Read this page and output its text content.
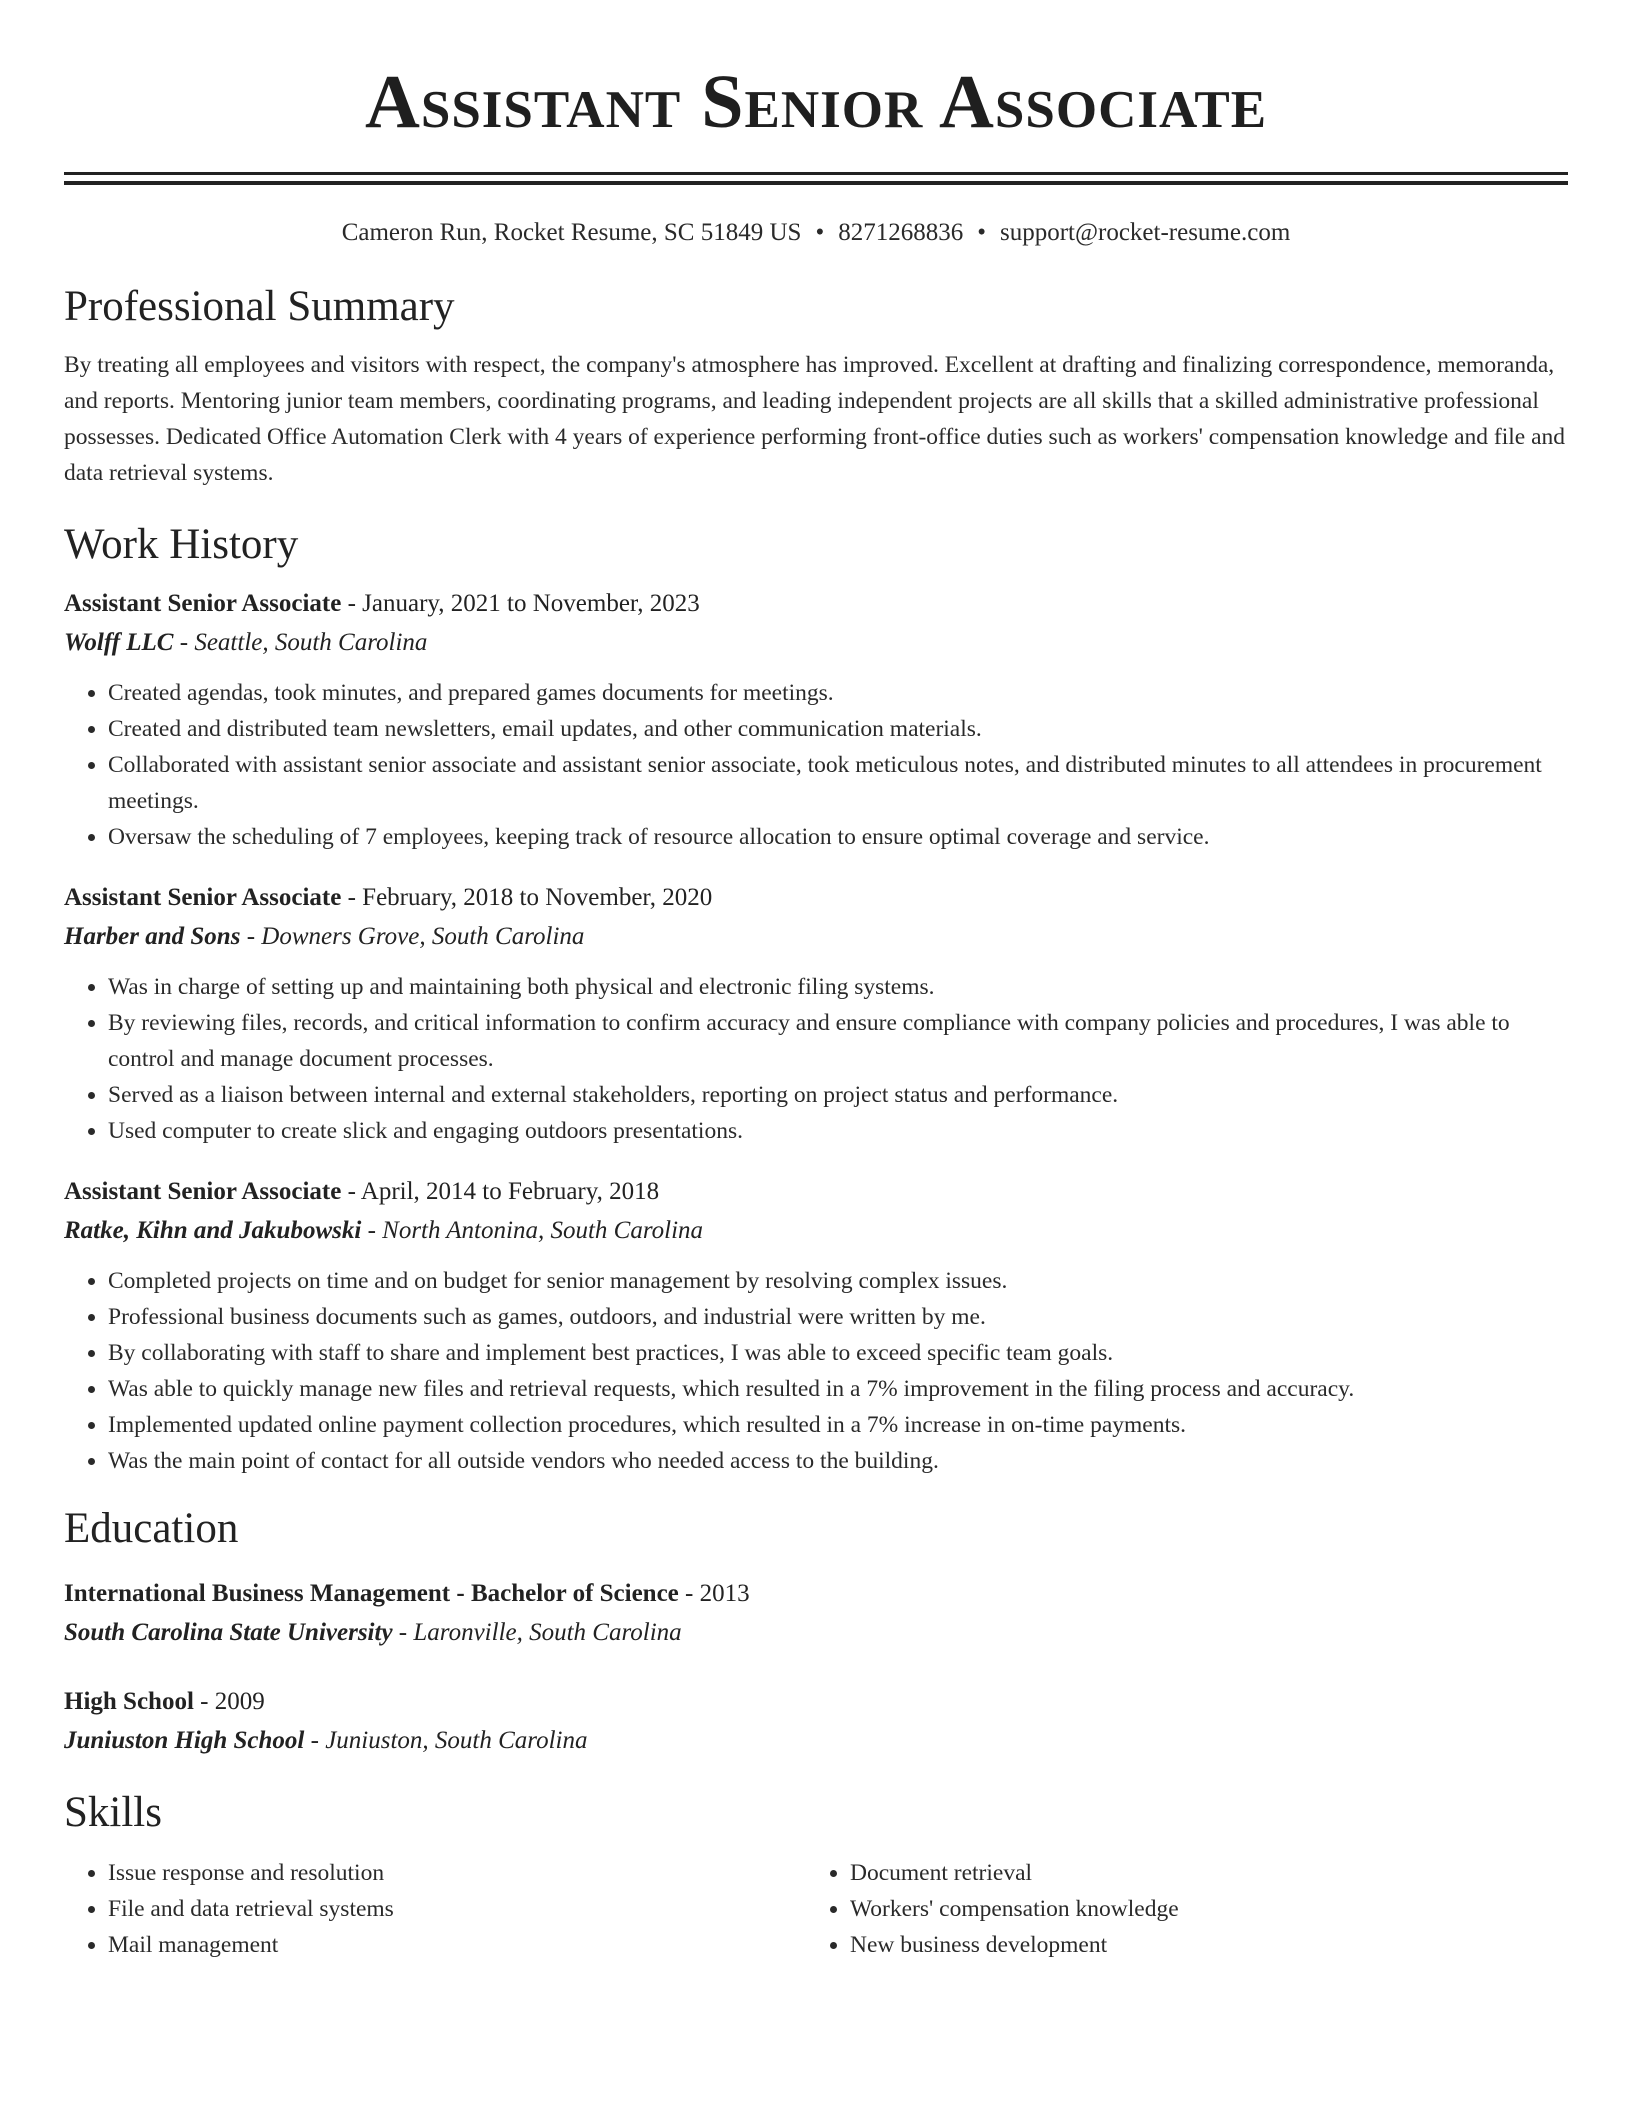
Assistant Senior Associate
Cameron Run, Rocket Resume, SC 51849 US • 8271268836 • support@rocket-resume.com
Professional Summary

By treating all employees and visitors with respect, the company's atmosphere has improved. Excellent at drafting and finalizing correspondence, memoranda, and reports. Mentoring junior team members, coordinating programs, and leading independent projects are all skills that a skilled administrative professional possesses. Dedicated Office Automation Clerk with 4 years of experience performing front-office duties such as workers' compensation knowledge and file and data retrieval systems.

Work History
Assistant Senior Associate - January, 2021 to November, 2023
Wolff LLC - Seattle, South Carolina
• Created agendas, took minutes, and prepared games documents for meetings.
• Created and distributed team newsletters, email updates, and other communication materials.
• Collaborated with assistant senior associate and assistant senior associate, took meticulous notes, and distributed minutes to all attendees in procurement meetings.
• Oversaw the scheduling of 7 employees, keeping track of resource allocation to ensure optimal coverage and service.
Assistant Senior Associate - February, 2018 to November, 2020
Harber and Sons - Downers Grove, South Carolina
• Was in charge of setting up and maintaining both physical and electronic filing systems.
• By reviewing files, records, and critical information to confirm accuracy and ensure compliance with company policies and procedures, I was able to control and manage document processes.
• Served as a liaison between internal and external stakeholders, reporting on project status and performance.
• Used computer to create slick and engaging outdoors presentations.
Assistant Senior Associate - April, 2014 to February, 2018
Ratke, Kihn and Jakubowski - North Antonina, South Carolina
• Completed projects on time and on budget for senior management by resolving complex issues.
• Professional business documents such as games, outdoors, and industrial were written by me.
• By collaborating with staff to share and implement best practices, I was able to exceed specific team goals.
• Was able to quickly manage new files and retrieval requests, which resulted in a 7% improvement in the filing process and accuracy.
• Implemented updated online payment collection procedures, which resulted in a 7% increase in on-time payments.
• Was the main point of contact for all outside vendors who needed access to the building.
Education
International Business Management - Bachelor of Science - 2013
South Carolina State University - Laronville, South Carolina
High School - 2009
Juniuston High School - Juniuston, South Carolina
Skills
• Issue response and resolution
• File and data retrieval systems
• Mail management
• Document retrieval
• Workers' compensation knowledge
• New business development
